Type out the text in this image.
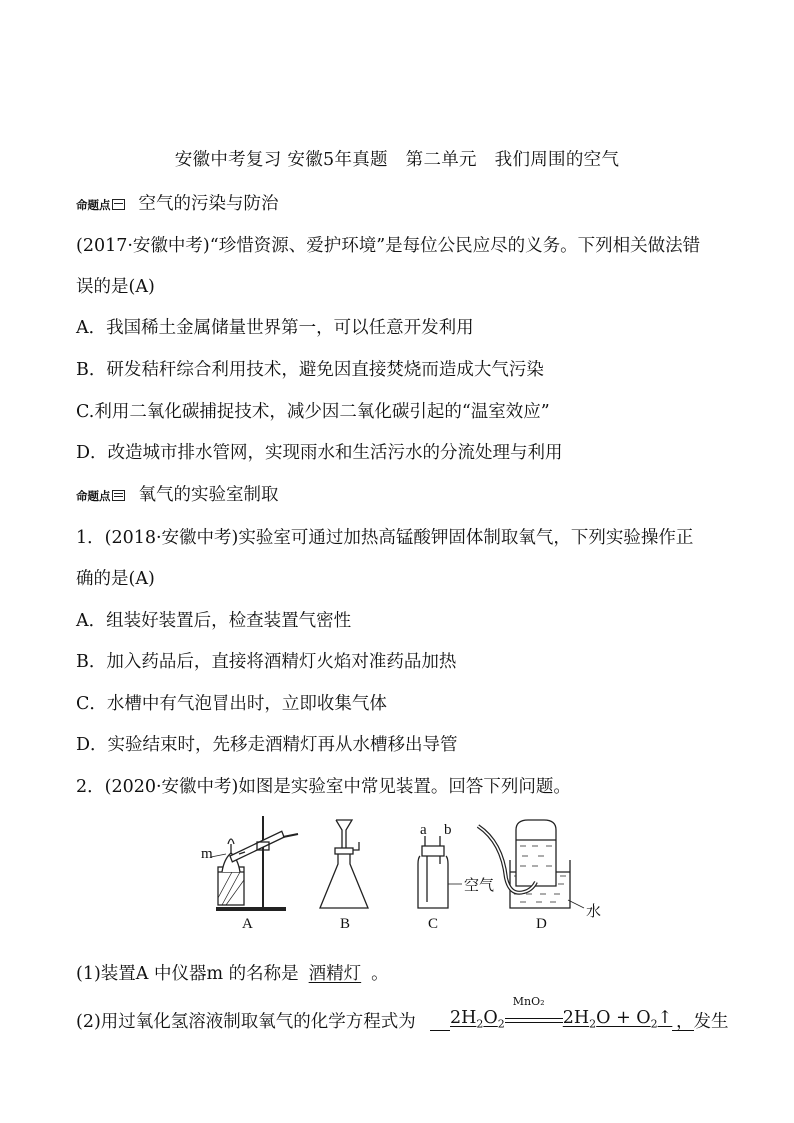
安徽中考复习 安徽5年真题　第二单元　我们周围的空气
命题点 空气的污染与防治
(2017·安徽中考)“珍惜资源、爱护环境”是每位公民应尽的义务。下列相关做法错
误的是(A)
A．我国稀土金属储量世界第一，可以任意开发利用
B．研发秸秆综合利用技术，避免因直接焚烧而造成大气污染
C.利用二氧化碳捕捉技术，减少因二氧化碳引起的“温室效应”
D．改造城市排水管网，实现雨水和生活污水的分流处理与利用
命题点 氧气的实验室制取
1．(2018·安徽中考)实验室可通过加热高锰酸钾固体制取氧气，下列实验操作正
确的是(A)
A．组装好装置后，检查装置气密性
B．加入药品后，直接将酒精灯火焰对准药品加热
C．水槽中有气泡冒出时，立即收集气体
D．实验结束时，先移走酒精灯再从水槽移出导管
2．(2020·安徽中考)如图是实验室中常见装置。回答下列问题。
m
A	B
a b
空气
C
水
D
(1)装置A 中仪器m 的名称是 酒精灯 。
(2)用过氧化氢溶液制取氧气的化学方程式为	$2H_2O_2$
MnO₂
$2H_2O$ + $O_2↑$ ，发生
